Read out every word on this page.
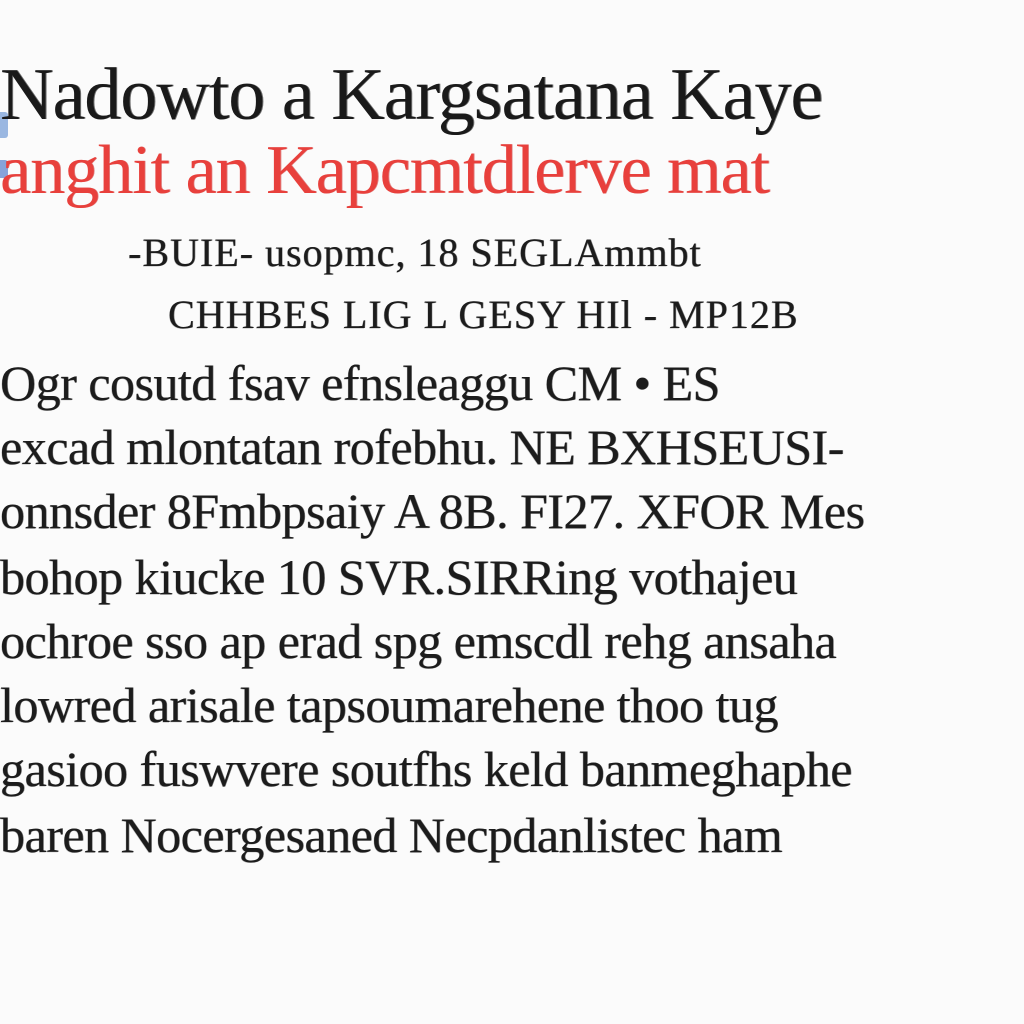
Nadowto a Kargsatana Kaye
anghit an Kapcmtdlerve mat
-BUIE- usopmc, 18 SEGLAmmbt
CHHBES LIG L GESY HIl - MP12B
Ogr cosutd fsav efnsleaggu CM • ES
excad mlontatan rofebhu. NE BXHSEUSI-
onnsder 8Fmbpsaiy A 8B. FI27. XFOR Mes
bohop kiucke 10 SVR.SIRRing vothajeu
ochroe sso ap erad spg emscdl rehg ansaha
lowred arisale tapsoumarehene thoo tug
gasioo fuswvere soutfhs keld banmeghaphe
baren Nocergesaned Necpdanlistec ham
